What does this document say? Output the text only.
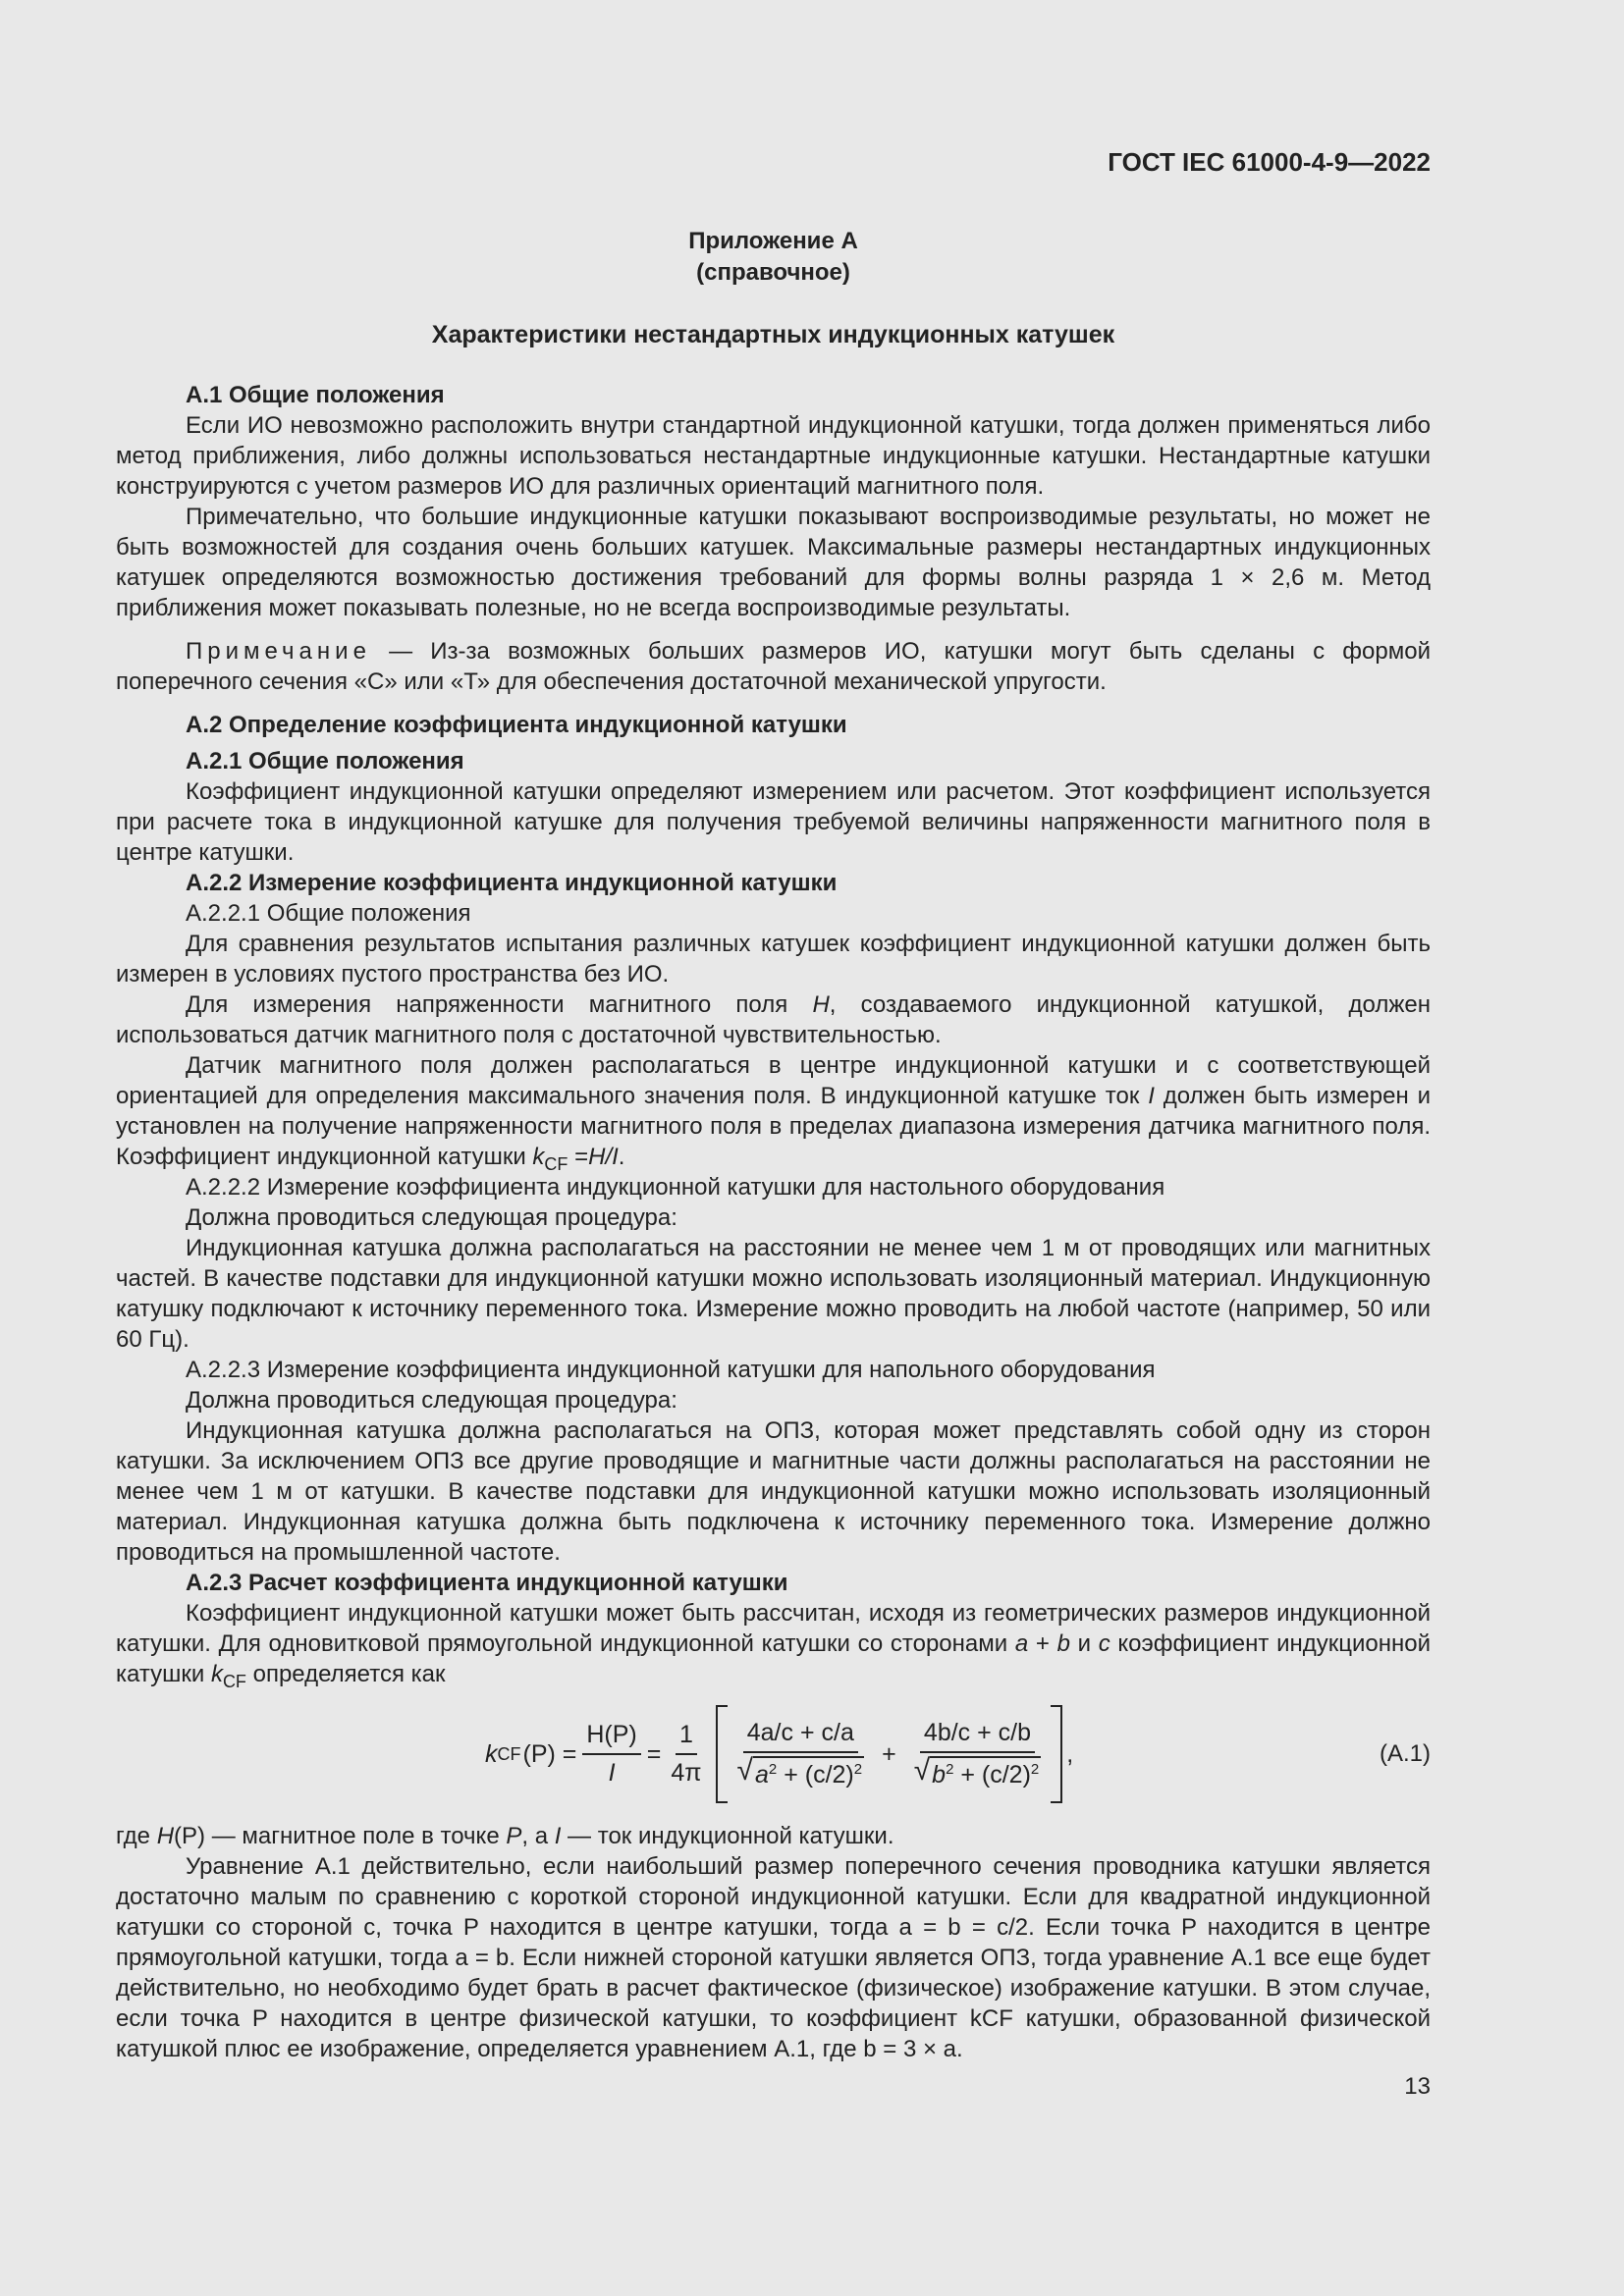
ГОСТ IEC 61000-4-9—2022
Приложение А
(справочное)
Характеристики нестандартных индукционных катушек

А.1 Общие положения

Если ИО невозможно расположить внутри стандартной индукционной катушки, тогда должен применяться либо метод приближения, либо должны использоваться нестандартные индукционные катушки. Нестандартные катушки конструируются с учетом размеров ИО для различных ориентаций магнитного поля.

Примечательно, что большие индукционные катушки показывают воспроизводимые результаты, но может не быть возможностей для создания очень больших катушек. Максимальные размеры нестандартных индукционных катушек определяются возможностью достижения требований для формы волны разряда 1 × 2,6 м. Метод приближения может показывать полезные, но не всегда воспроизводимые результаты.

Примечание — Из-за возможных больших размеров ИО, катушки могут быть сделаны с формой поперечного сечения «С» или «Т» для обеспечения достаточной механической упругости.

А.2 Определение коэффициента индукционной катушки

А.2.1 Общие положения

Коэффициент индукционной катушки определяют измерением или расчетом. Этот коэффициент используется при расчете тока в индукционной катушке для получения требуемой величины напряженности магнитного поля в центре катушки.

А.2.2 Измерение коэффициента индукционной катушки

А.2.2.1 Общие положения

Для сравнения результатов испытания различных катушек коэффициент индукционной катушки должен быть измерен в условиях пустого пространства без ИО.

Для измерения напряженности магнитного поля H, создаваемого индукционной катушкой, должен использоваться датчик магнитного поля с достаточной чувствительностью.

Датчик магнитного поля должен располагаться в центре индукционной катушки и с соответствующей ориентацией для определения максимального значения поля. В индукционной катушке ток I должен быть измерен и установлен на получение напряженности магнитного поля в пределах диапазона измерения датчика магнитного поля. Коэффициент индукционной катушки $k_{CF} =H/I$.

А.2.2.2 Измерение коэффициента индукционной катушки для настольного оборудования

Должна проводиться следующая процедура:

Индукционная катушка должна располагаться на расстоянии не менее чем 1 м от проводящих или магнитных частей. В качестве подставки для индукционной катушки можно использовать изоляционный материал. Индукционную катушку подключают к источнику переменного тока. Измерение можно проводить на любой частоте (например, 50 или 60 Гц).

А.2.2.3 Измерение коэффициента индукционной катушки для напольного оборудования

Должна проводиться следующая процедура:

Индукционная катушка должна располагаться на ОПЗ, которая может представлять собой одну из сторон катушки. За исключением ОПЗ все другие проводящие и магнитные части должны располагаться на расстоянии не менее чем 1 м от катушки. В качестве подставки для индукционной катушки можно использовать изоляционный материал. Индукционная катушка должна быть подключена к источнику переменного тока. Измерение должно проводиться на промышленной частоте.

А.2.3 Расчет коэффициента индукционной катушки

Коэффициент индукционной катушки может быть рассчитан, исходя из геометрических размеров индукционной катушки. Для одновитковой прямоугольной индукционной катушки со сторонами a + b и c коэффициент индукционной катушки $k_{CF}$ определяется как

k CF $(P) = \frac{H(P)}{I} = \frac{1}{4\pi} \frac{4a/c + c/a}{√ a^2 + (c/2)^2} + \frac{4b/c + c/b}{√ b^2 + (c/2)^2}$ ,	(А.1)

где H(P) — магнитное поле в точке P, а I — ток индукционной катушки.

Уравнение А.1 действительно, если наибольший размер поперечного сечения проводника катушки является достаточно малым по сравнению с короткой стороной индукционной катушки. Если для квадратной индукционной катушки со стороной c, точка P находится в центре катушки, тогда a = b = c/2. Если точка P находится в центре прямоугольной катушки, тогда a = b. Если нижней стороной катушки является ОПЗ, тогда уравнение А.1 все еще будет действительно, но необходимо будет брать в расчет фактическое (физическое) изображение катушки. В этом случае, если точка P находится в центре физической катушки, то коэффициент kCF катушки, образованной физической катушкой плюс ее изображение, определяется уравнением А.1, где b = 3 × a.

13
